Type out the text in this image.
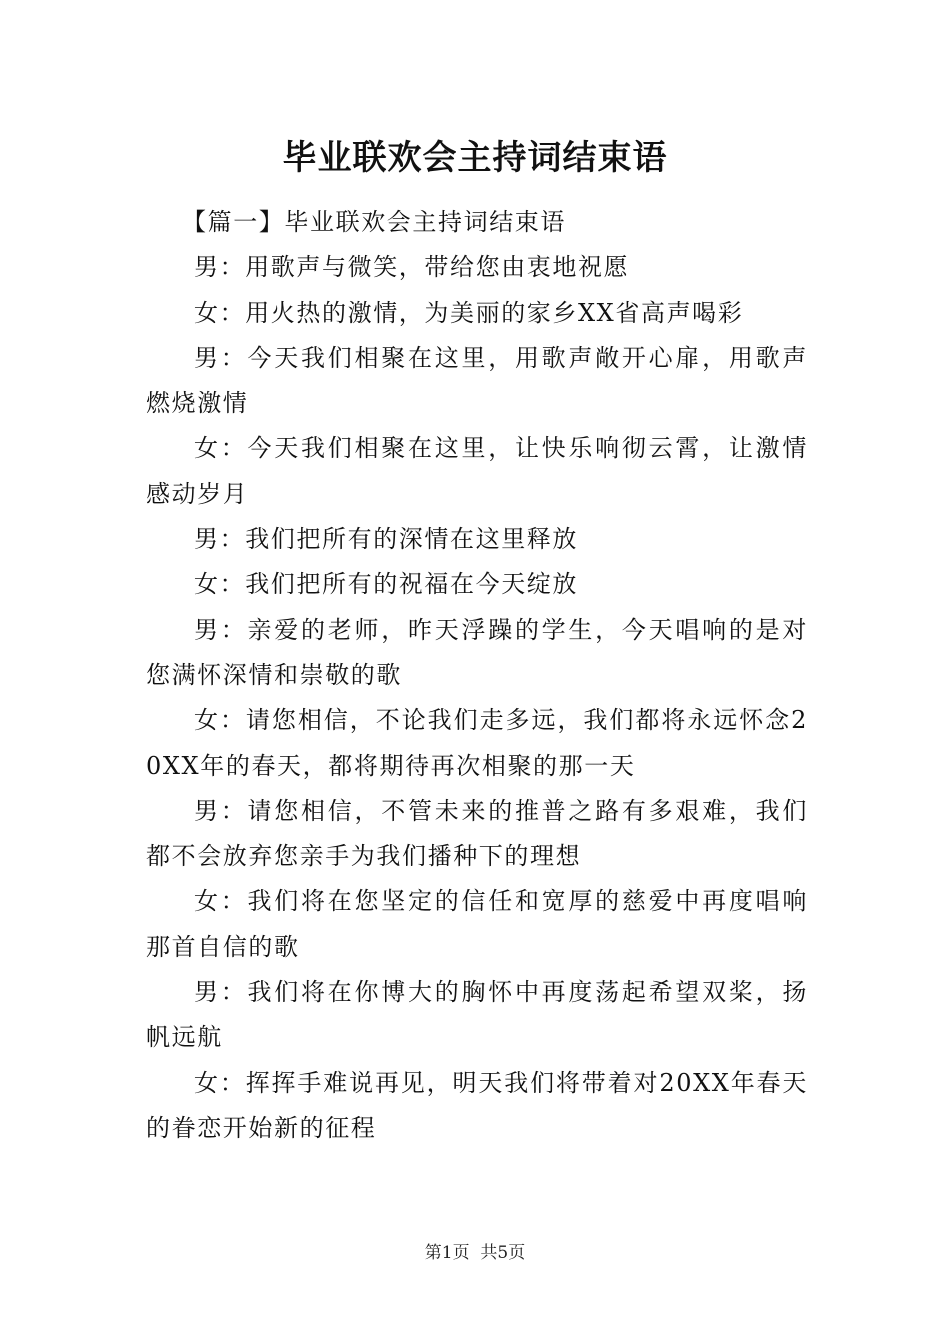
毕业联欢会主持词结束语

【篇一】毕业联欢会主持词结束语

男：用歌声与微笑，带给您由衷地祝愿

女：用火热的激情，为美丽的家乡XX省高声喝彩

男：今天我们相聚在这里，用歌声敞开心扉，用歌声燃烧激情

女：今天我们相聚在这里，让快乐响彻云霄，让激情感动岁月

男：我们把所有的深情在这里释放

女：我们把所有的祝福在今天绽放

男：亲爱的老师，昨天浮躁的学生，今天唱响的是对您满怀深情和崇敬的歌

女：请您相信，不论我们走多远，我们都将永远怀念20XX年的春天，都将期待再次相聚的那一天

男：请您相信，不管未来的推普之路有多艰难，我们都不会放弃您亲手为我们播种下的理想

女：我们将在您坚定的信任和宽厚的慈爱中再度唱响那首自信的歌

男：我们将在你博大的胸怀中再度荡起希望双桨，扬帆远航

女：挥挥手难说再见，明天我们将带着对20XX年春天的眷恋开始新的征程

第1页 共5页
